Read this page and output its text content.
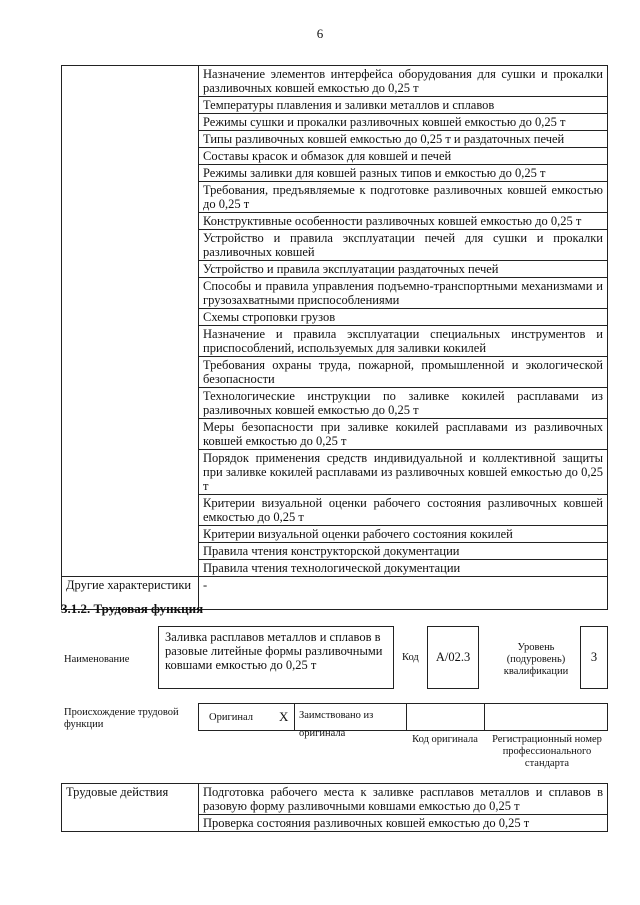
6
	Назначение элементов интерфейса оборудования для сушки и прокалки разливочных ковшей емкостью до 0,25 т
	Температуры плавления и заливки металлов и сплавов
	Режимы сушки и прокалки разливочных ковшей емкостью до 0,25 т
	Типы разливочных ковшей емкостью до 0,25 т и раздаточных печей
	Составы красок и обмазок для ковшей и печей
	Режимы заливки для ковшей разных типов и емкостью до 0,25 т
	Требования, предъявляемые к подготовке разливочных ковшей емкостью до 0,25 т
	Конструктивные особенности разливочных ковшей емкостью до 0,25 т
	Устройство и правила эксплуатации печей для сушки и прокалки разливочных ковшей
	Устройство и правила эксплуатации раздаточных печей
	Способы и правила управления подъемно-транспортными механизмами и грузозахватными приспособлениями
	Схемы строповки грузов
	Назначение и правила эксплуатации специальных инструментов и приспособлений, используемых для заливки кокилей
	Требования охраны труда, пожарной, промышленной и экологической безопасности
	Технологические инструкции по заливке кокилей расплавами из разливочных ковшей емкостью до 0,25 т
	Меры безопасности при заливке кокилей расплавами из разливочных ковшей емкостью до 0,25 т
	Порядок применения средств индивидуальной и коллективной защиты при заливке кокилей расплавами из разливочных ковшей емкостью до 0,25 т
	Критерии визуальной оценки рабочего состояния разливочных ковшей емкостью до 0,25 т
	Критерии визуальной оценки рабочего состояния кокилей
	Правила чтения конструкторской документации
	Правила чтения технологической документации
Другие характеристики	-
3.1.2. Трудовая функция
Наименование
Заливка расплавов металлов и сплавов в разовые литейные формы разливочными ковшами емкостью до 0,25 т
Код	А/02.3
Уровень (подуровень) квалификации
3
Происхождение трудовой функции
Оригинал X	Заимствовано из оригинала
Код оригинала	Регистрационный номер профессионального стандарта
Трудовые действия	Подготовка рабочего места к заливке расплавов металлов и сплавов в разовую форму разливочными ковшами емкостью до 0,25 т
Проверка состояния разливочных ковшей емкостью до 0,25 т
